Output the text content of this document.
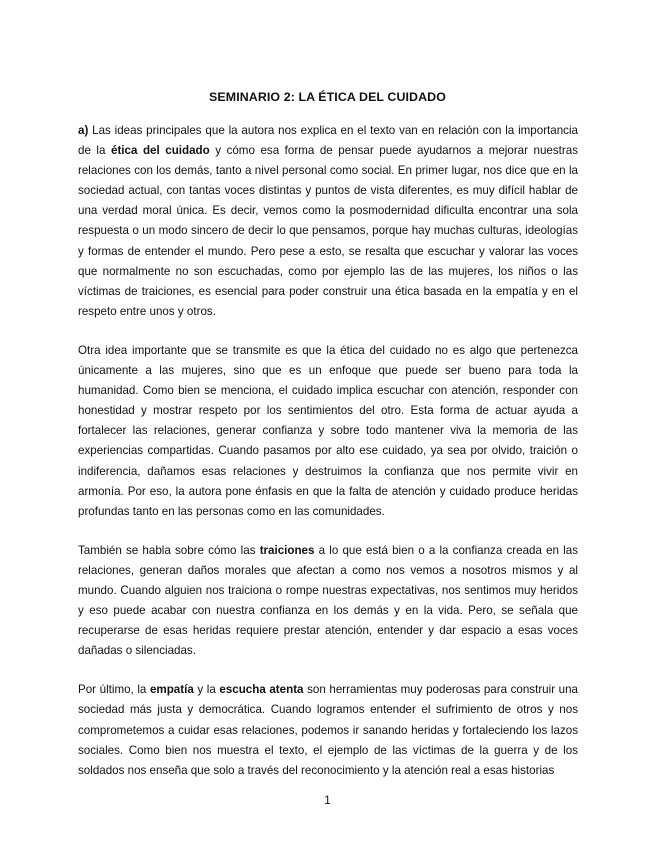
SEMINARIO 2: LA ÉTICA DEL CUIDADO

a) Las ideas principales que la autora nos explica en el texto van en relación con la importancia de la ética del cuidado y cómo esa forma de pensar puede ayudarnos a mejorar nuestras relaciones con los demás, tanto a nivel personal como social. En primer lugar, nos dice que en la sociedad actual, con tantas voces distintas y puntos de vista diferentes, es muy difícil hablar de una verdad moral única. Es decir, vemos como la posmodernidad dificulta encontrar una sola respuesta o un modo sincero de decir lo que pensamos, porque hay muchas culturas, ideologías y formas de entender el mundo. Pero pese a esto, se resalta que escuchar y valorar las voces que normalmente no son escuchadas, como por ejemplo las de las mujeres, los niños o las víctimas de traiciones, es esencial para poder construir una ética basada en la empatía y en el respeto entre unos y otros.

Otra idea importante que se transmite es que la ética del cuidado no es algo que pertenezca únicamente a las mujeres, sino que es un enfoque que puede ser bueno para toda la humanidad. Como bien se menciona, el cuidado implica escuchar con atención, responder con honestidad y mostrar respeto por los sentimientos del otro. Esta forma de actuar ayuda a fortalecer las relaciones, generar confianza y sobre todo mantener viva la memoria de las experiencias compartidas. Cuando pasamos por alto ese cuidado, ya sea por olvido, traición o indiferencia, dañamos esas relaciones y destruimos la confianza que nos permite vivir en armonía. Por eso, la autora pone énfasis en que la falta de atención y cuidado produce heridas profundas tanto en las personas como en las comunidades.

También se habla sobre cómo las traiciones a lo que está bien o a la confianza creada en las relaciones, generan daños morales que afectan a como nos vemos a nosotros mismos y al mundo. Cuando alguien nos traiciona o rompe nuestras expectativas, nos sentimos muy heridos y eso puede acabar con nuestra confianza en los demás y en la vida. Pero, se señala que recuperarse de esas heridas requiere prestar atención, entender y dar espacio a esas voces dañadas o silenciadas.

Por último, la empatía y la escucha atenta son herramientas muy poderosas para construir una sociedad más justa y democrática. Cuando logramos entender el sufrimiento de otros y nos comprometemos a cuidar esas relaciones, podemos ir sanando heridas y fortaleciendo los lazos sociales. Como bien nos muestra el texto, el ejemplo de las víctimas de la guerra y de los soldados nos enseña que solo a través del reconocimiento y la atención real a esas historias

1
